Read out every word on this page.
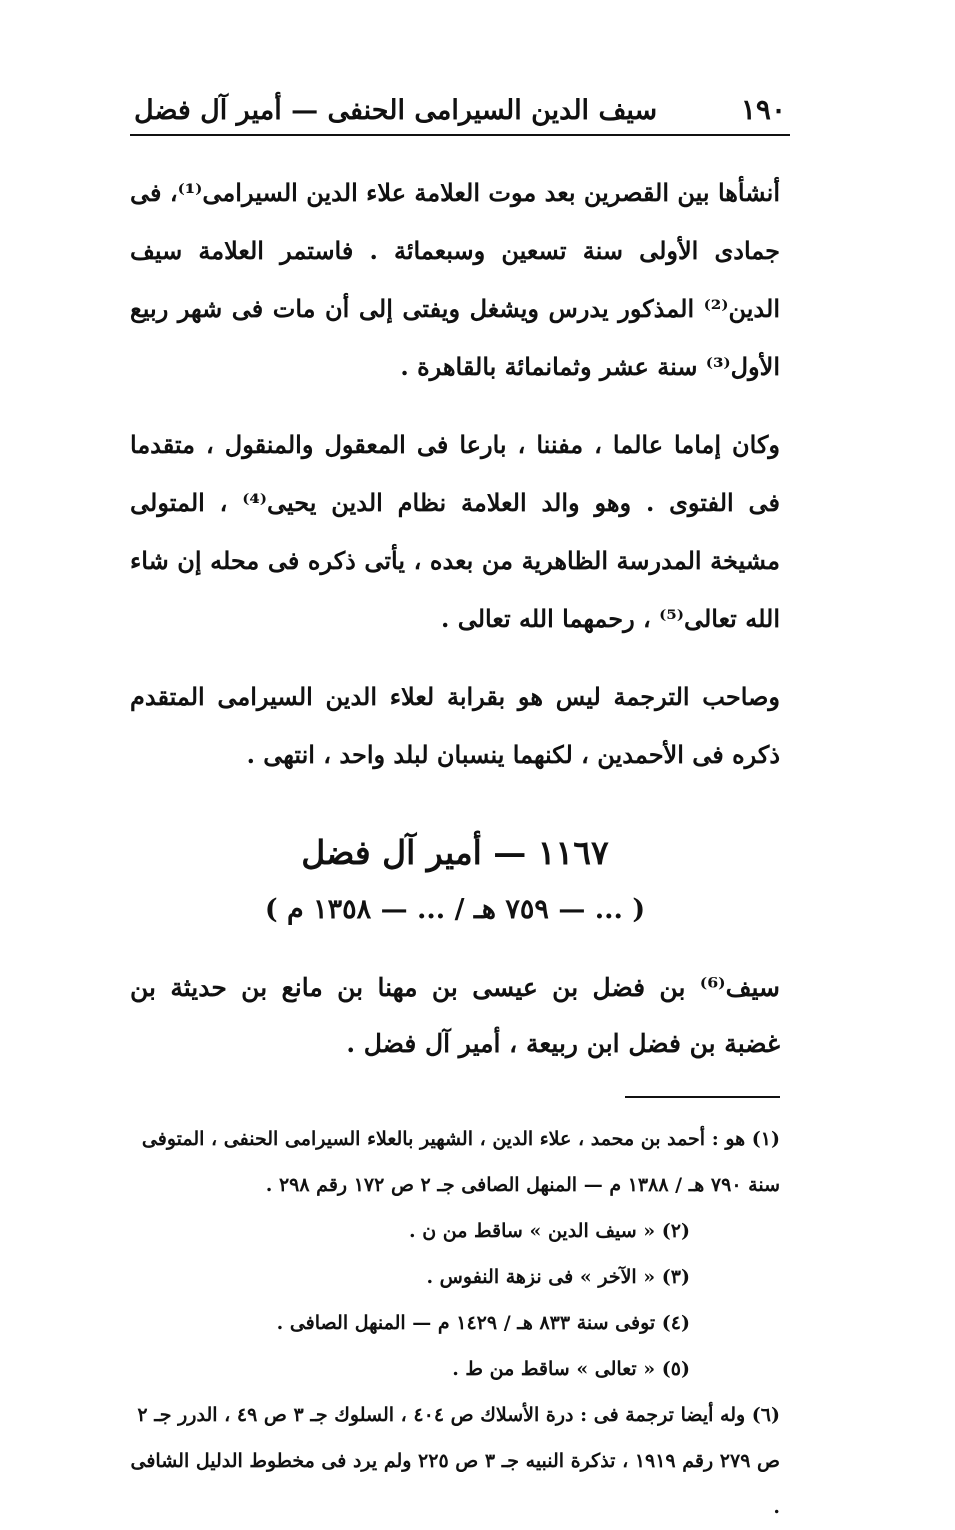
١٩٠
سيف الدين السيرامى الحنفى — أمير آل فضل

أنشأها بين القصرين بعد موت العلامة علاء الدين السيرامى⁽¹⁾، فى جمادى الأولى سنة تسعين وسبعمائة . فاستمر العلامة سيف الدين⁽²⁾ المذكور يدرس ويشغل ويفتى إلى أن مات فى شهر ربيع الأول⁽³⁾ سنة عشر وثمانمائة بالقاهرة .

وكان إماما عالما ، مفننا ، بارعا فى المعقول والمنقول ، متقدما فى الفتوى . وهو والد العلامة نظام الدين يحيى⁽⁴⁾ ، المتولى مشيخة المدرسة الظاهرية من بعده ، يأتى ذكره فى محله إن شاء الله تعالى⁽⁵⁾ ، رحمهما الله تعالى .

وصاحب الترجمة ليس هو بقرابة لعلاء الدين السيرامى المتقدم ذكره فى الأحمدين ، لكنهما ينسبان لبلد واحد ، انتهى .

١١٦٧ — أمير آل فضل
( ... — ٧٥٩ هـ / ... — ١٣٥٨ م )
سيف⁽⁶⁾ بن فضل بن عيسى بن مهنا بن مانع بن حديثة بن غضبة بن فضل ابن ربيعة ، أمير آل فضل .

(١) هو : أحمد بن محمد ، علاء الدين ، الشهير بالعلاء السيرامى الحنفى ، المتوفى سنة ٧٩٠ هـ / ١٣٨٨ م — المنهل الصافى جـ ٢ ص ١٧٢ رقم ٢٩٨ .

(٢) « سيف الدين » ساقط من ن .

(٣) « الآخر » فى نزهة النفوس .

(٤) توفى سنة ٨٣٣ هـ / ١٤٢٩ م — المنهل الصافى .

(٥) « تعالى » ساقط من ط .

(٦) وله أيضا ترجمة فى : درة الأسلاك ص ٤٠٤ ، السلوك جـ ٣ ص ٤٩ ، الدرر جـ ٢ ص ٢٧٩ رقم ١٩١٩ ، تذكرة النبيه جـ ٣ ص ٢٢٥ ولم يرد فى مخطوط الدليل الشافى .
